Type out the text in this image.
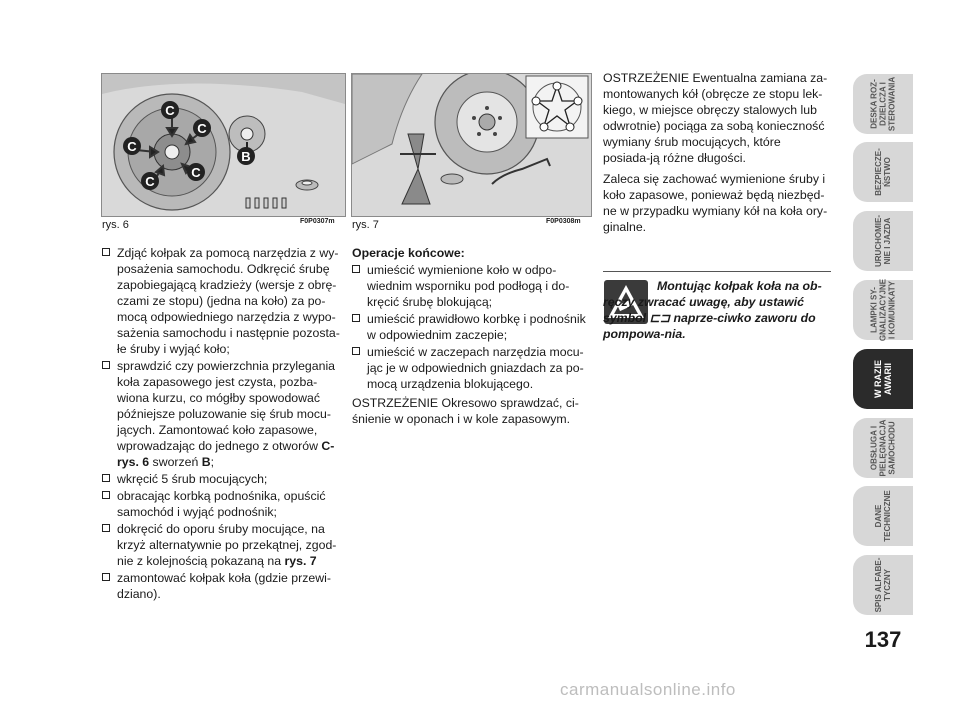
C
C
C
C
C
B
rys. 6	F0P0307m rys. 7	F0P0308m
Zdjąć kołpak za pomocą narzędzia z wy-posażenia samochodu. Odkręcić śrubę zapobiegającą kradzieży (wersje z obrę-czami ze stopu) (jedna na koło) za po-mocą odpowiedniego narzędzia z wypo-sażenia samochodu i następnie pozosta-łe śruby i wyjąć koło;
sprawdzić czy powierzchnia przylegania koła zapasowego jest czysta, pozba-wiona kurzu, co mógłby spowodować późniejsze poluzowanie się śrub mocu-jących. Zamontować koło zapasowe, wprowadzając do jednego z otworów C-rys. 6 sworzeń B;
wkręcić 5 śrub mocujących;
obracając korbką podnośnika, opuścić samochód i wyjąć podnośnik;
dokręcić do oporu śruby mocujące, na krzyż alternatywnie po przekątnej, zgod-nie z kolejnością pokazaną na rys. 7
zamontować kołpak koła (gdzie przewi-dziano).

Operacje końcowe:

umieścić wymienione koło w odpo-wiednim wsporniku pod podłogą i do-kręcić śrubę blokującą;
umieścić prawidłowo korbkę i podnośnik w odpowiednim zaczepie;
umieścić w zaczepach narzędzia mocu-jąc je w odpowiednich gniazdach za po-mocą urządzenia blokującego.

OSTRZEŻENIE Okresowo sprawdzać, ci-śnienie w oponach i w kole zapasowym.

OSTRZEŻENIE Ewentualna zamiana za-montowanych kół (obręcze ze stopu lek-kiego, w miejsce obręczy stalowych lub odwrotnie) pociąga za sobą konieczność wymiany śrub mocujących, które posiada-ją różne długości.

Zaleca się zachować wymienione śruby i koło zapasowe, ponieważ będą niezbęd-ne w przypadku wymiany kół na koła ory-ginalne.

Montując kołpak koła na ob-ręczy zwracać uwagę, aby ustawić symbol ⊏⊐ naprze-ciwko zaworu do pompowa-nia.
DESKA ROZ-
DZIELCZA I
STEROWANIA
BEZPIECZE-
ŃSTWO
URUCHOMIE-
NIE I JAZDA
LAMPKI SY-
GNALIZACYJNE
I KOMUNIKATY
W RAZIE
AWARII
OBSŁUGA I
PIELĘGNACJA
SAMOCHODU
DANE
TECHNICZNE
SPIS ALFABE-
TYCZNY
137
carmanualsonline.info
